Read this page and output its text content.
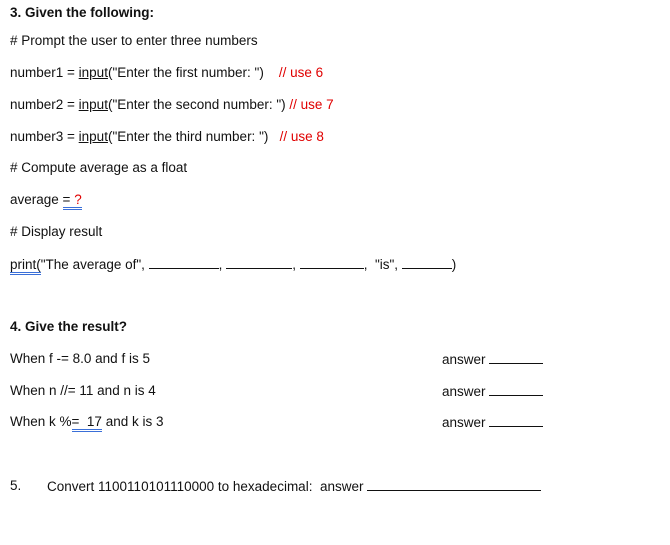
3. Given the following:
# Prompt the user to enter three numbers
number1 = input("Enter the first number: ") // use 6
number2 = input("Enter the second number: ") // use 7
number3 = input("Enter the third number: ") // use 8
# Compute average as a float
average = ?
# Display result
print("The average of",	,	,	,  "is",	)
4. Give the result?
When f -= 8.0 and f is 5	answer
When n //= 11 and n is 4	answer
When k %=  17 and k is 3	answer
5. Convert 1100110101110000 to hexadecimal:  answer
